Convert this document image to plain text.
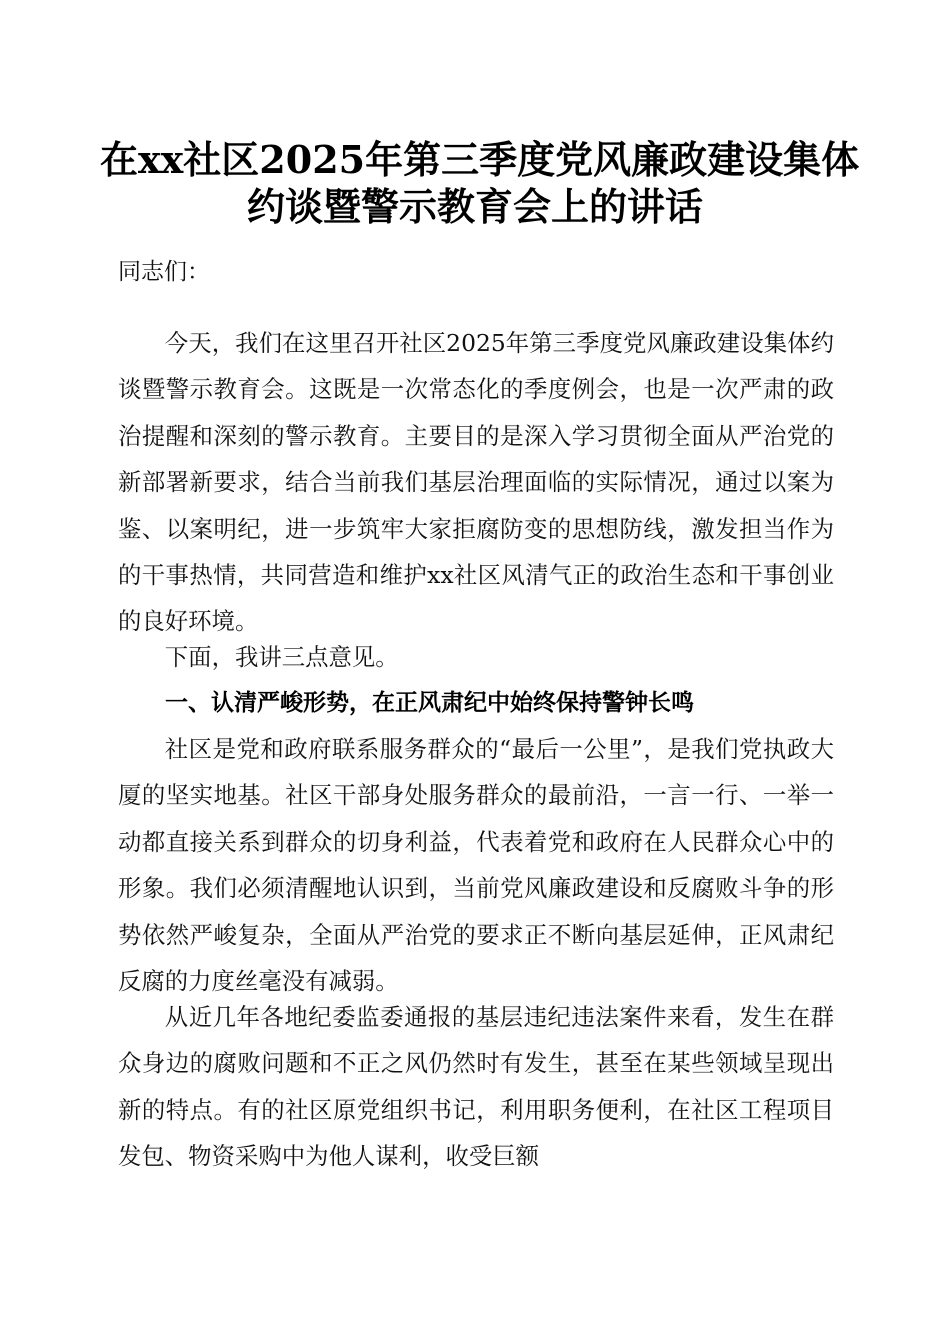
在xx社区2025年第三季度党风廉政建设集体
约谈暨警示教育会上的讲话
同志们：

今天，我们在这里召开社区2025年第三季度党风廉政建设集体约谈暨警示教育会。这既是一次常态化的季度例会，也是一次严肃的政治提醒和深刻的警示教育。主要目的是深入学习贯彻全面从严治党的新部署新要求，结合当前我们基层治理面临的实际情况，通过以案为鉴、以案明纪，进一步筑牢大家拒腐防变的思想防线，激发担当作为的干事热情，共同营造和维护xx社区风清气正的政治生态和干事创业的良好环境。

下面，我讲三点意见。

一、认清严峻形势，在正风肃纪中始终保持警钟长鸣

社区是党和政府联系服务群众的“最后一公里”，是我们党执政大厦的坚实地基。社区干部身处服务群众的最前沿，一言一行、一举一动都直接关系到群众的切身利益，代表着党和政府在人民群众心中的形象。我们必须清醒地认识到，当前党风廉政建设和反腐败斗争的形势依然严峻复杂，全面从严治党的要求正不断向基层延伸，正风肃纪反腐的力度丝毫没有减弱。

从近几年各地纪委监委通报的基层违纪违法案件来看，发生在群众身边的腐败问题和不正之风仍然时有发生，甚至在某些领域呈现出新的特点。有的社区原党组织书记，利用职务便利，在社区工程项目发包、物资采购中为他人谋利，收受巨额
